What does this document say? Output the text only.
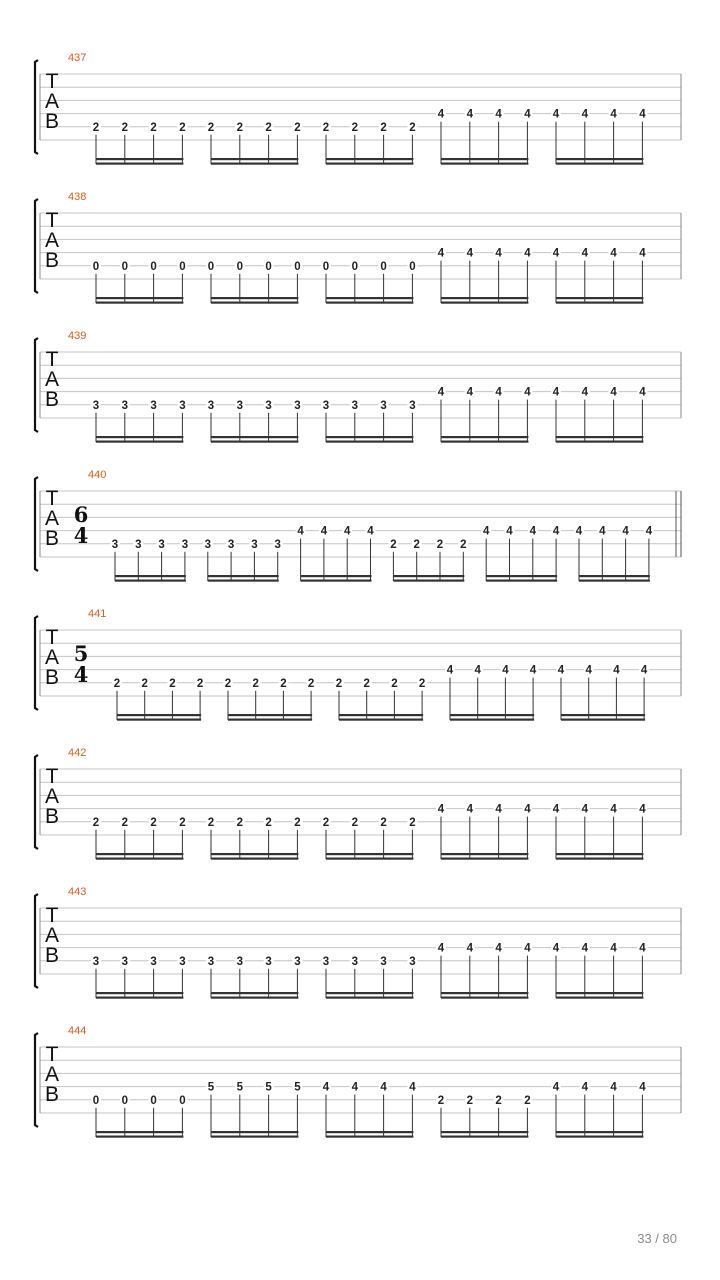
T
A
B
437
2 2 2 2 2 2 2 2 2 2 2 2
4 4 4 4 4 4 4 4
T
A
B
438
0 0 0 0 0 0 0 0 0 0 0 0
4 4 4 4 4 4 4 4
T
A
B
439
3 3 3 3 3 3 3 3 3 3 3 3
4 4 4 4 4 4 4 4
T
A
B
440
6
4 3 3 3 3 3 3 3 3
4 4 4 4
2 2 2 2
4 4 4 4 4 4 4 4
T
A
B
441
5
4 2 2 2 2 2 2 2 2 2 2 2 2
4 4 4 4 4 4 4 4
T
A
B
442
2 2 2 2 2 2 2 2 2 2 2 2
4 4 4 4 4 4 4 4
T
A
B
443
3 3 3 3 3 3 3 3 3 3 3 3
4 4 4 4 4 4 4 4
T
A
B
444
0 0 0 0
5 5 5 5 4 4 4 4
2 2 2 2
4 4 4 4
33 / 80
